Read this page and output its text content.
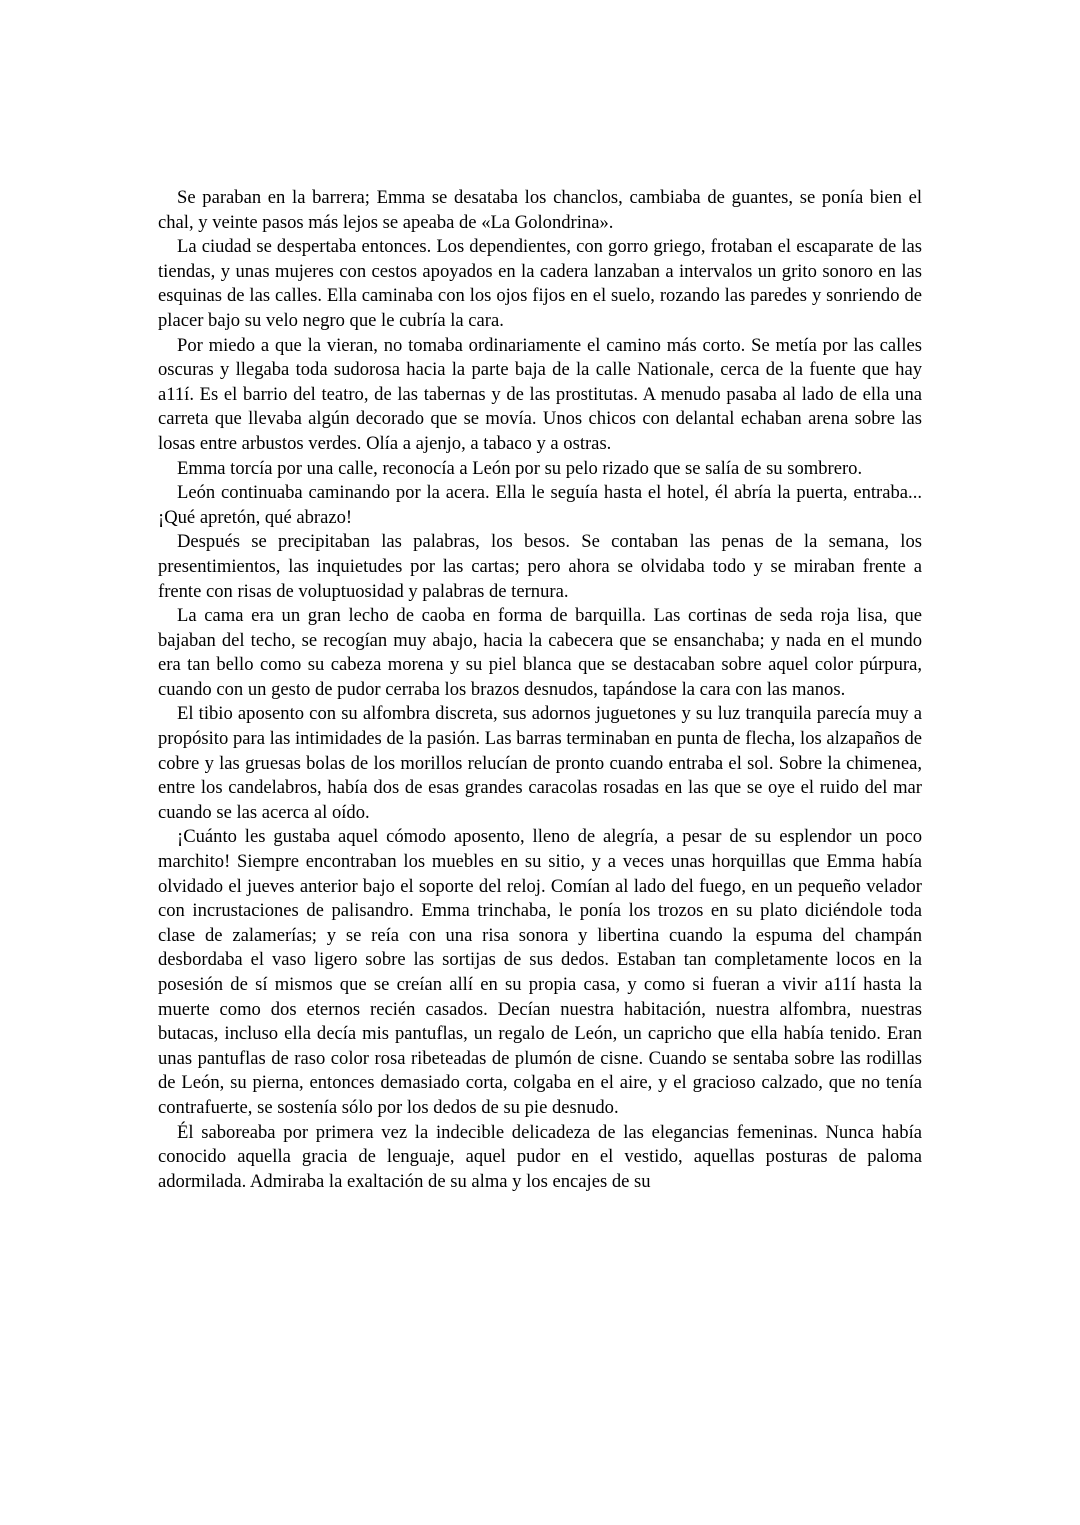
Se paraban en la barrera; Emma se desataba los chanclos, cambiaba de guantes, se ponía bien el chal, y veinte pasos más lejos se apeaba de «La Golondrina».

La ciudad se despertaba entonces. Los dependientes, con gorro griego, frotaban el escaparate de las tiendas, y unas mujeres con cestos apoyados en la cadera lanzaban a intervalos un grito sonoro en las esquinas de las calles. Ella caminaba con los ojos fijos en el suelo, rozando las paredes y sonriendo de placer bajo su velo negro que le cubría la cara.

Por miedo a que la vieran, no tomaba ordinariamente el camino más corto. Se metía por las calles oscuras y llegaba toda sudorosa hacia la parte baja de la calle Nationale, cerca de la fuente que hay a11í. Es el barrio del teatro, de las tabernas y de las prostitutas. A menudo pasaba al lado de ella una carreta que llevaba algún decorado que se movía. Unos chicos con delantal echaban arena sobre las losas entre arbustos verdes. Olía a ajenjo, a tabaco y a ostras.

Emma torcía por una calle, reconocía a León por su pelo rizado que se salía de su sombrero.

León continuaba caminando por la acera. Ella le seguía hasta el hotel, él abría la puerta, entraba... ¡Qué apretón, qué abrazo!

Después se precipitaban las palabras, los besos. Se contaban las penas de la semana, los presentimientos, las inquietudes por las cartas; pero ahora se olvidaba todo y se miraban frente a frente con risas de voluptuosidad y palabras de ternura.

La cama era un gran lecho de caoba en forma de barquilla. Las cortinas de seda roja lisa, que bajaban del techo, se recogían muy abajo, hacia la cabecera que se ensanchaba; y nada en el mundo era tan bello como su cabeza morena y su piel blanca que se destacaban sobre aquel color púrpura, cuando con un gesto de pudor cerraba los brazos desnudos, tapándose la cara con las manos.

El tibio aposento con su alfombra discreta, sus adornos juguetones y su luz tranquila parecía muy a propósito para las intimidades de la pasión. Las barras terminaban en punta de flecha, los alzapaños de cobre y las gruesas bolas de los morillos relucían de pronto cuando entraba el sol. Sobre la chimenea, entre los candelabros, había dos de esas grandes caracolas rosadas en las que se oye el ruido del mar cuando se las acerca al oído.

¡Cuánto les gustaba aquel cómodo aposento, lleno de alegría, a pesar de su esplendor un poco marchito! Siempre encontraban los muebles en su sitio, y a veces unas horquillas que Emma había olvidado el jueves anterior bajo el soporte del reloj. Comían al lado del fuego, en un pequeño velador con incrustaciones de palisandro. Emma trinchaba, le ponía los trozos en su plato diciéndole toda clase de zalamerías; y se reía con una risa sonora y libertina cuando la espuma del champán desbordaba el vaso ligero sobre las sortijas de sus dedos. Estaban tan completamente locos en la posesión de sí mismos que se creían allí en su propia casa, y como si fueran a vivir a11í hasta la muerte como dos eternos recién casados. Decían nuestra habitación, nuestra alfombra, nuestras butacas, incluso ella decía mis pantuflas, un regalo de León, un capricho que ella había tenido. Eran unas pantuflas de raso color rosa ribeteadas de plumón de cisne. Cuando se sentaba sobre las rodillas de León, su pierna, entonces demasiado corta, colgaba en el aire, y el gracioso calzado, que no tenía contrafuerte, se sostenía sólo por los dedos de su pie desnudo.

Él saboreaba por primera vez la indecible delicadeza de las elegancias femeninas. Nunca había conocido aquella gracia de lenguaje, aquel pudor en el vestido, aquellas posturas de paloma adormilada. Admiraba la exaltación de su alma y los encajes de su
